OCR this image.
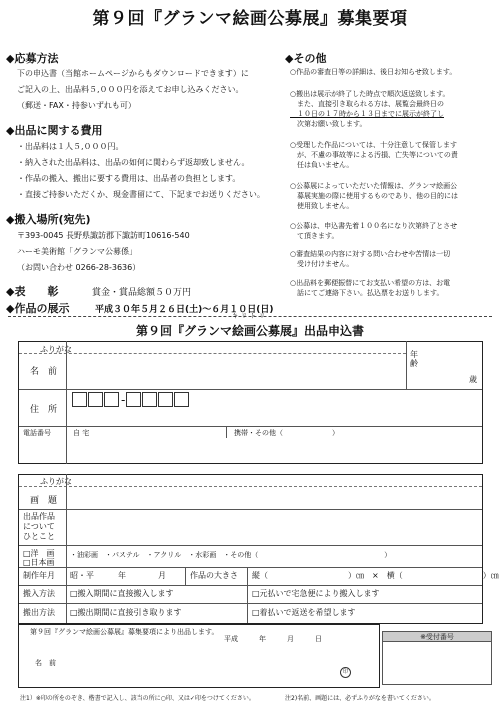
第９回『グランマ絵画公募展』募集要項
◆応募方法
下の申込書（当館ホームページからもダウンロードできます）に
ご記入の上、出品料５,０００円を添えてお申し込みください。
（郵送・FAX・持参いずれも可）
◆出品に関する費用
・出品料は１人５,０００円。
・納入された出品料は、出品の如何に関わらず返却致しません。
・作品の搬入、搬出に要する費用は、出品者の負担とします。
・直接ご持参いただくか、現金書留にて、下記までお送りください。
◆搬入場所(宛先)
〒393-0045 長野県諏訪郡下諏訪町10616-540
ハーモ美術館「グランマ公募係」
（お問い合わせ 0266-28-3636）
◆表　　彰	賞金・賞品総額５０万円
◆作品の展示	平成３０年５月２６日(土)〜６月１０日(日)
◆その他
○作品の審査日等の詳細は、後日お知らせ致します。
○搬出は展示が終了した時点で順次返送致します。
　また、直接引き取られる方は、展覧会最終日の
　１０日の１７時から１３日までに展示が終了し
　次第お願い致します。
○受理した作品については、十分注意して保管します
　が、不慮の事故等による汚損、亡失等についての責
　任は負いません。
○公募展によっていただいた情報は、グランマ絵画公
　募展実施の際に使用するものであり、他の目的には
　使用致しません。
○公募は、申込書先着１００名になり次第終了とさせ
　て頂きます。
○審査結果の内容に対する問い合わせや苦情は一切
　受け付けません。
○出品料を郵便振替にてお支払い希望の方は、お電
　話にてご連絡下さい。払込票をお送りします。
キリトリ
第９回『グランマ絵画公募展』出品申込書
ふりがな
名　前
年齢
歳
住　所
-
電話番号	自 宅	携帯・その他（　　　　　　　）
ふりがな
画　題
出品作品
について
ひとこと
□洋　画
□日本画
・油彩画　・パステル　・アクリル　・水彩画　・その他（　　　　　　　　　　　　　　　　　　）
制作年月 昭・平　　　年　　　　月	作品の大きさ 縦（　　　　　　　　　　）㎝　×　横（　　　　　　　　　　）㎝
搬入方法 □搬入期間に直接搬入します	□元払いで宅急便により搬入します
搬出方法 □搬出期間に直接引き取ります	□着払いで返送を希望します
第９回『グランマ絵画公募展』募集要項により出品します。
平成　　　年　　　月　　　日
名　前
印
※受付番号
注1）※印の所をのぞき、楷書で記入し、該当の所に○印、又は✓印をつけてください。	注2)名前、画題には、必ずふりがなを書いてください。
